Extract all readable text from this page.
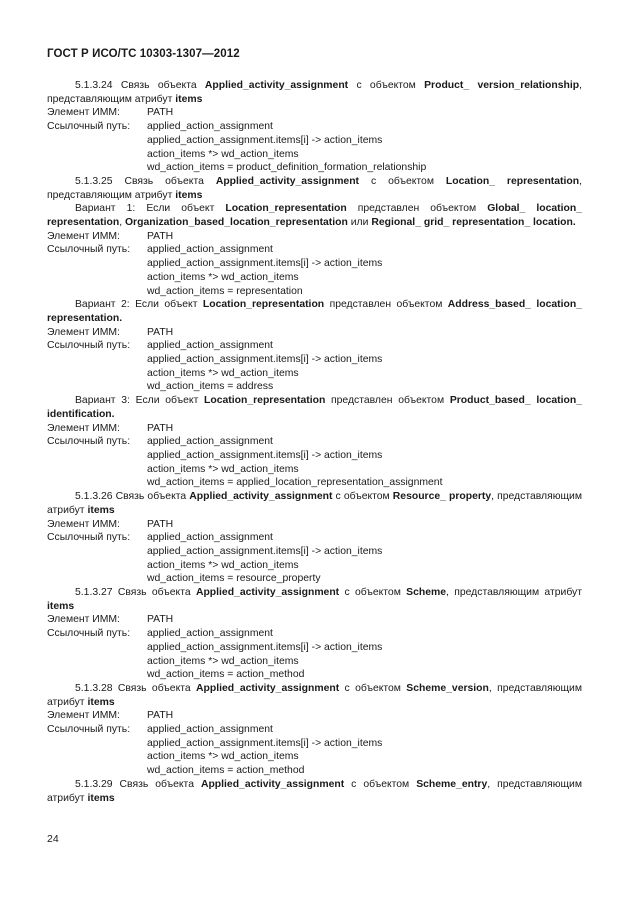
ГОСТ Р ИСО/ТС 10303-1307—2012

5.1.3.24 Связь объекта Applied_activity_assignment с объектом Product_ version_relationship, представляющим атрибут items

Элемент ИММ:	PATH
Ссылочный путь:	applied_action_assignment
applied_action_assignment.items[i] -> action_items
action_items *> wd_action_items
wd_action_items = product_definition_formation_relationship

5.1.3.25 Связь объекта Applied_activity_assignment с объектом Location_ representation, представляющим атрибут items

Вариант 1: Если объект Location_representation представлен объектом Global_ location_ representation, Organization_based_location_representation или Regional_ grid_ representation_ location.

Элемент ИММ:	PATH
Ссылочный путь:	applied_action_assignment
applied_action_assignment.items[i] -> action_items
action_items *> wd_action_items
wd_action_items = representation

Вариант 2: Если объект Location_representation представлен объектом Address_based_ location_ representation.

Элемент ИММ:	PATH
Ссылочный путь:	applied_action_assignment
applied_action_assignment.items[i] -> action_items
action_items *> wd_action_items
wd_action_items = address

Вариант 3: Если объект Location_representation представлен объектом Product_based_ location_ identification.

Элемент ИММ:	PATH
Ссылочный путь:	applied_action_assignment
applied_action_assignment.items[i] -> action_items
action_items *> wd_action_items
wd_action_items = applied_location_representation_assignment

5.1.3.26 Связь объекта Applied_activity_assignment с объектом Resource_ property, представляющим атрибут items

Элемент ИММ:	PATH
Ссылочный путь:	applied_action_assignment
applied_action_assignment.items[i] -> action_items
action_items *> wd_action_items
wd_action_items = resource_property

5.1.3.27 Связь объекта Applied_activity_assignment с объектом Scheme, представляющим атрибут items

Элемент ИММ:	PATH
Ссылочный путь:	applied_action_assignment
applied_action_assignment.items[i] -> action_items
action_items *> wd_action_items
wd_action_items = action_method

5.1.3.28 Связь объекта Applied_activity_assignment с объектом Scheme_version, представляющим атрибут items

Элемент ИММ:	PATH
Ссылочный путь:	applied_action_assignment
applied_action_assignment.items[i] -> action_items
action_items *> wd_action_items
wd_action_items = action_method

5.1.3.29 Связь объекта Applied_activity_assignment с объектом Scheme_entry, представляющим атрибут items

24
